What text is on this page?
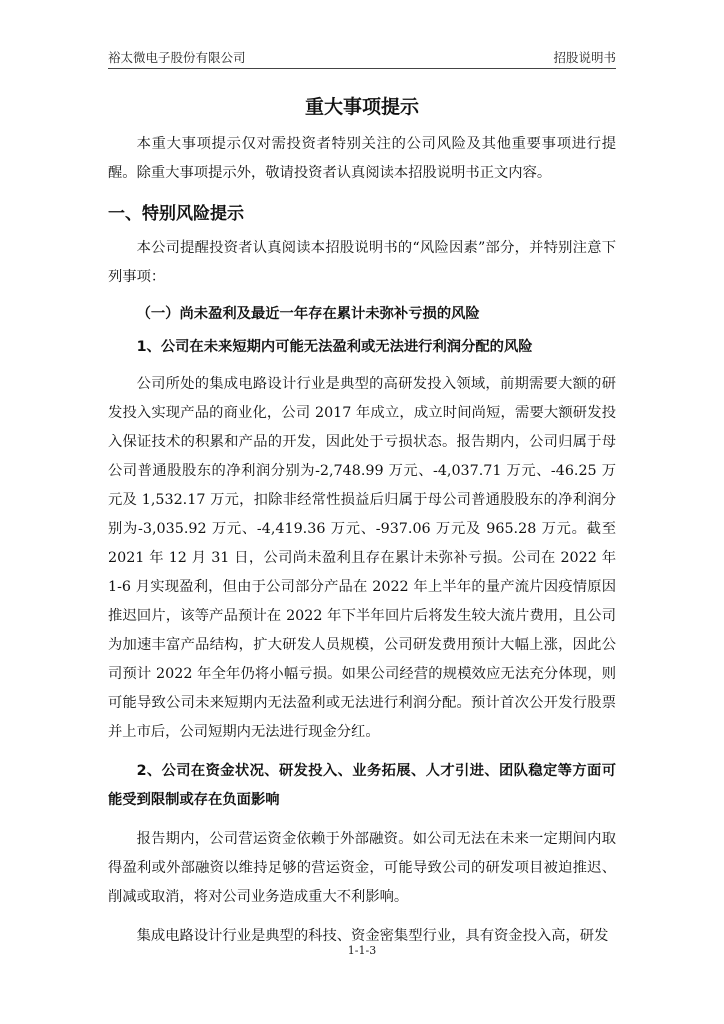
裕太微电子股份有限公司	招股说明书
重大事项提示

本重大事项提示仅对需投资者特别关注的公司风险及其他重要事项进行提醒。除重大事项提示外，敬请投资者认真阅读本招股说明书正文内容。

一、特别风险提示

本公司提醒投资者认真阅读本招股说明书的“风险因素”部分，并特别注意下列事项：

（一）尚未盈利及最近一年存在累计未弥补亏损的风险
1、公司在未来短期内可能无法盈利或无法进行利润分配的风险

公司所处的集成电路设计行业是典型的高研发投入领域，前期需要大额的研发投入实现产品的商业化，公司 2017 年成立，成立时间尚短，需要大额研发投入保证技术的积累和产品的开发，因此处于亏损状态。报告期内，公司归属于母公司普通股股东的净利润分别为-2,748.99 万元、-4,037.71 万元、-46.25 万元及 1,532.17 万元，扣除非经常性损益后归属于母公司普通股股东的净利润分别为-3,035.92 万元、-4,419.36 万元、-937.06 万元及 965.28 万元。截至 2021 年 12 月 31 日，公司尚未盈利且存在累计未弥补亏损。公司在 2022 年 1-6 月实现盈利，但由于公司部分产品在 2022 年上半年的量产流片因疫情原因推迟回片，该等产品预计在 2022 年下半年回片后将发生较大流片费用，且公司为加速丰富产品结构，扩大研发人员规模，公司研发费用预计大幅上涨，因此公司预计 2022 年全年仍将小幅亏损。如果公司经营的规模效应无法充分体现，则可能导致公司未来短期内无法盈利或无法进行利润分配。预计首次公开发行股票并上市后，公司短期内无法进行现金分红。

2、公司在资金状况、研发投入、业务拓展、人才引进、团队稳定等方面可能受到限制或存在负面影响

报告期内，公司营运资金依赖于外部融资。如公司无法在未来一定期间内取得盈利或外部融资以维持足够的营运资金，可能导致公司的研发项目被迫推迟、削减或取消，将对公司业务造成重大不利影响。

集成电路设计行业是典型的科技、资金密集型行业，具有资金投入高，研发

1-1-3
